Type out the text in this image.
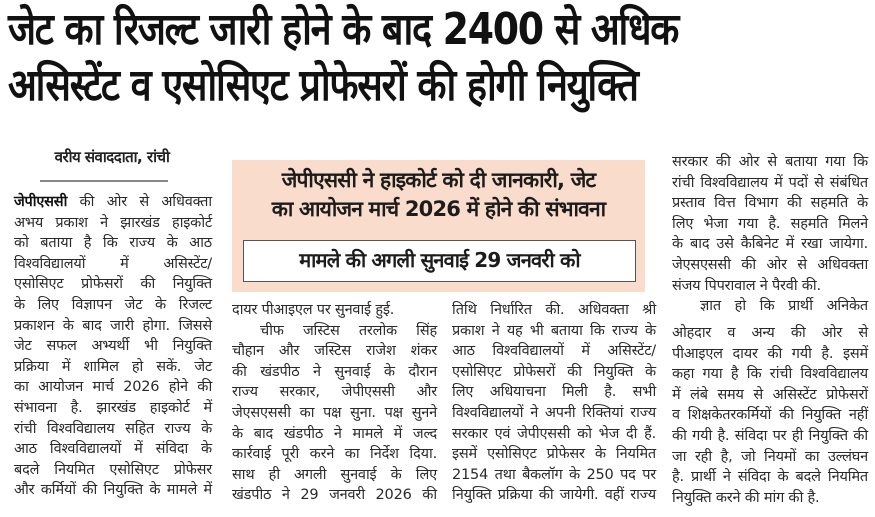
जेट का रिजल्ट जारी होने के बाद 2400 से अधिक
असिस्टेंट व एसोसिएट प्रोफेसरों की होगी नियुक्ति
वरीय संवाददाता, रांची
जेपीएससी ने हाइकोर्ट को दी जानकारी, जेट
का आयोजन मार्च 2026 में होने की संभावना
मामले की अगली सुनवाई 29 जनवरी को
जेपीएससी की ओर से अधिवक्ता
अभय प्रकाश ने झारखंड हाइकोर्ट
को बताया है कि राज्य के आठ
विश्वविद्यालयों में असिस्टेंट/
एसोसिएट प्रोफेसरों की नियुक्ति
के लिए विज्ञापन जेट के रिजल्ट
प्रकाशन के बाद जारी होगा. जिससे
जेट सफल अभ्यर्थी भी नियुक्ति
प्रक्रिया में शामिल हो सकें. जेट
का आयोजन मार्च 2026 होने की
संभावना है. झारखंड हाइकोर्ट में
रांची विश्वविद्यालय सहित राज्य के
आठ विश्वविद्यालयों में संविदा के
बदले नियमित एसोसिएट प्रोफेसर
और कर्मियों की नियुक्ति के मामले में
दायर पीआइएल पर सुनवाई हुई.
चीफ जस्टिस तरलोक सिंह
चौहान और जस्टिस राजेश शंकर
की खंडपीठ ने सुनवाई के दौरान
राज्य सरकार, जेपीएससी और
जेएसएससी का पक्ष सुना. पक्ष सुनने
के बाद खंडपीठ ने मामले में जल्द
कार्रवाई पूरी करने का निर्देश दिया.
साथ ही अगली सुनवाई के लिए
खंडपीठ ने 29 जनवरी 2026 की
तिथि निर्धारित की. अधिवक्ता श्री
प्रकाश ने यह भी बताया कि राज्य के
आठ विश्वविद्यालयों में असिस्टेंट/
एसोसिएट प्रोफेसरों की नियुक्ति के
लिए अधियाचना मिली है. सभी
विश्वविद्यालयों ने अपनी रिक्तियां राज्य
सरकार एवं जेपीएससी को भेज दी हैं.
इसमें एसोसिएट प्रोफेसर के नियमित
2154 तथा बैकलॉग के 250 पद पर
नियुक्ति प्रक्रिया की जायेगी. वहीं राज्य
सरकार की ओर से बताया गया कि
रांची विश्वविद्यालय में पदों से संबंधित
प्रस्ताव वित्त विभाग की सहमति के
लिए भेजा गया है. सहमति मिलने
के बाद उसे कैबिनेट में रखा जायेगा.
जेएसएससी की ओर से अधिवक्ता
संजय पिपरावाल ने पैरवी की.
ज्ञात हो कि प्रार्थी अनिकेत
ओहदार व अन्य की ओर से
पीआइएल दायर की गयी है. इसमें
कहा गया है कि रांची विश्वविद्यालय
में लंबे समय से असिस्टेंट प्रोफेसरों
व शिक्षकेतरकर्मियों की नियुक्ति नहीं
की गयी है. संविदा पर ही नियुक्ति की
जा रही है, जो नियमों का उल्लंघन
है. प्रार्थी ने संविदा के बदले नियमित
नियुक्ति करने की मांग की है.
